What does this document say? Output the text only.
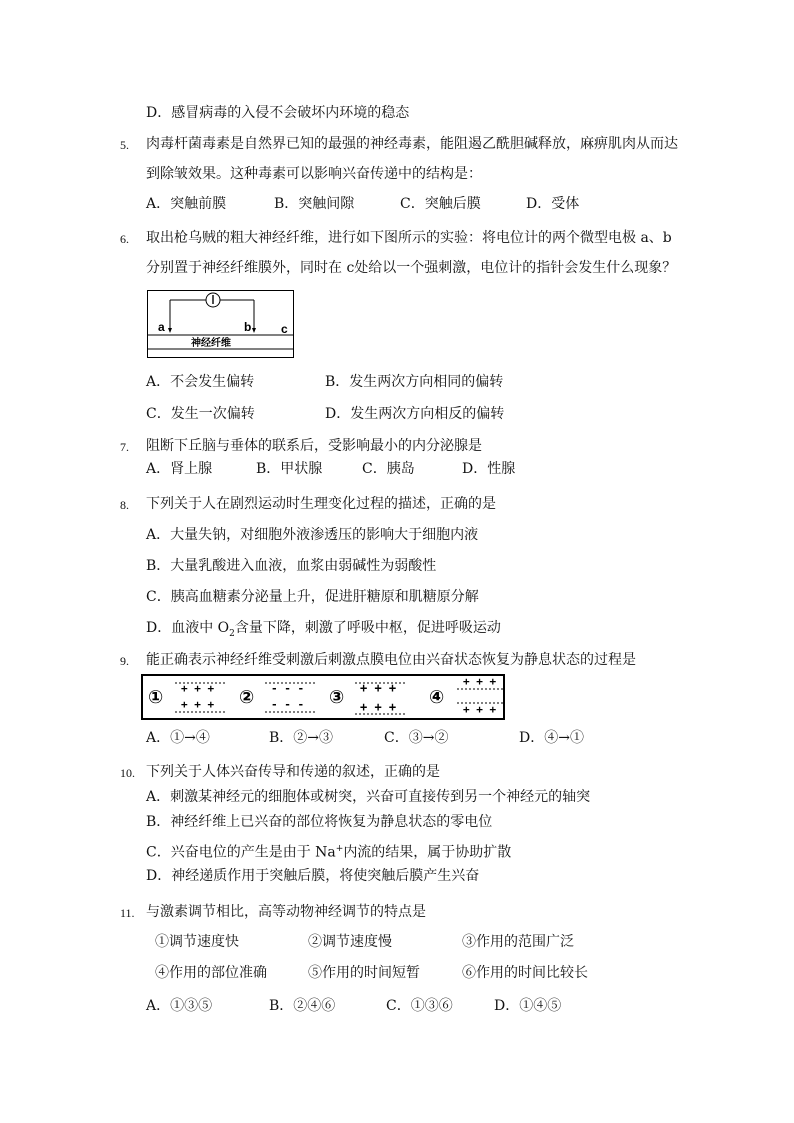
D．感冒病毒的入侵不会破坏内环境的稳态
5. 肉毒杆菌毒素是自然界已知的最强的神经毒素，能阻遏乙酰胆碱释放，麻痹肌肉从而达
到除皱效果。这种毒素可以影响兴奋传递中的结构是：
A．突触前膜	B．突触间隙	C．突触后膜	D．受体
6. 取出枪乌贼的粗大神经纤维，进行如下图所示的实验：将电位计的两个微型电极 a、b
分别置于神经纤维膜外，同时在 c处给以一个强刺激，电位计的指针会发生什么现象？
a	b c
神经纤维
A．不会发生偏转	B．发生两次方向相同的偏转
C．发生一次偏转	D．发生两次方向相反的偏转
7. 阻断下丘脑与垂体的联系后，受影响最小的内分泌腺是
A．肾上腺	B．甲状腺	C．胰岛	D．性腺
8. 下列关于人在剧烈运动时生理变化过程的描述，正确的是
A．大量失钠，对细胞外液渗透压的影响大于细胞内液
B．大量乳酸进入血液，血浆由弱碱性为弱酸性
C．胰高血糖素分泌量上升，促进肝糖原和肌糖原分解
D．血液中 $O_2$含量下降，刺激了呼吸中枢，促进呼吸运动
9. 能正确表示神经纤维受刺激后刺激点膜电位由兴奋状态恢复为静息状态的过程是
① + + +
+ + + ② - - -
- - - ③ + + +
+ + + ④
+ + +
+ + +
A．①→④	B．②→③	C．③→②	D．④→①
10. 下列关于人体兴奋传导和传递的叙述，正确的是
A．刺激某神经元的细胞体或树突，兴奋可直接传到另一个神经元的轴突
B．神经纤维上已兴奋的部位将恢复为静息状态的零电位
C．兴奋电位的产生是由于 Na+内流的结果，属于协助扩散
D．神经递质作用于突触后膜，将使突触后膜产生兴奋
11. 与激素调节相比，高等动物神经调节的特点是
①调节速度快	②调节速度慢	③作用的范围广泛
④作用的部位准确	⑤作用的时间短暂	⑥作用的时间比较长
A．①③⑤	B．②④⑥	C．①③⑥	D．①④⑤
